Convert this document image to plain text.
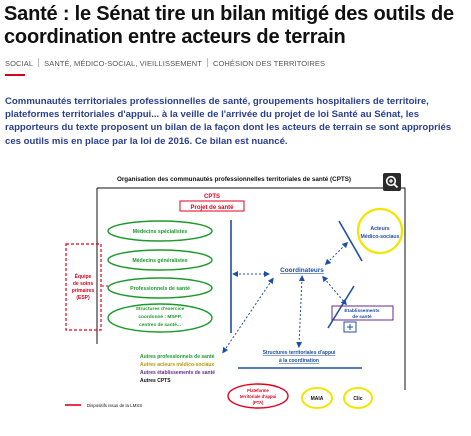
Santé : le Sénat tire un bilan mitigé des outils de coordination entre acteurs de terrain
SOCIAL SANTÉ, MÉDICO-SOCIAL, VIEILLISSEMENT COHÉSION DES TERRITOIRES

Communautés territoriales professionnelles de santé, groupements hospitaliers de territoire, plateformes territoriales d'appui... à la veille de l'arrivée du projet de loi Santé au Sénat, les rapporteurs du texte proposent un bilan de la façon dont les acteurs de terrain se sont appropriés ces outils mis en place par la loi de 2016. Ce bilan est nuancé.

Organisation des communautés professionnelles territoriales de santé (CPTS)
CPTS
Projet de santé
Médecins spécialistes
Médecins généralistes
Professionnels de santé
Structures d'exercice
coordonné : MSPP,
centres de santé...
Équipe
de soins
primaires
(ESP)
Coordinateurs
Acteurs
Médico-sociaux
Établissements
de santé
Autres professionnels de santé
Autres acteurs médico-sociaux
Autres établissements de santé
Autres CPTS
Structures territoriales d'appui
à la coordination
Plateforme
territoriale d'appui
(PTA)
MAIA	Clic
Dispositifs issus de la LMSS
